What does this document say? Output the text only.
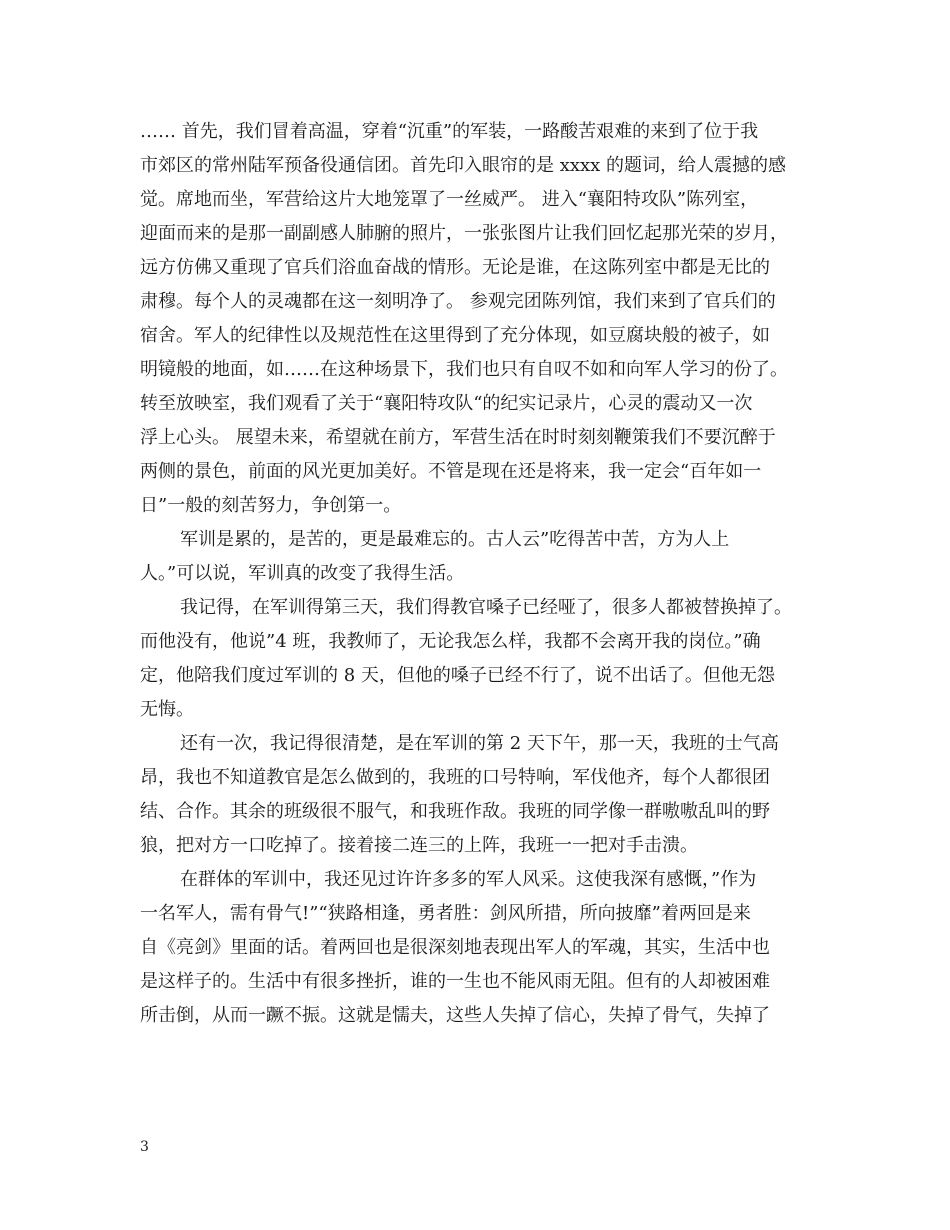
…… 首先，我们冒着高温，穿着“沉重”的军装，一路酸苦艰难的来到了位于我
市郊区的常州陆军预备役通信团。首先印入眼帘的是 xxxx 的题词，给人震撼的感
觉。席地而坐，军营给这片大地笼罩了一丝威严。 进入“襄阳特攻队”陈列室，
迎面而来的是那一副副感人肺腑的照片，一张张图片让我们回忆起那光荣的岁月，
远方仿佛又重现了官兵们浴血奋战的情形。无论是谁，在这陈列室中都是无比的
肃穆。每个人的灵魂都在这一刻明净了。 参观完团陈列馆，我们来到了官兵们的
宿舍。军人的纪律性以及规范性在这里得到了充分体现，如豆腐块般的被子，如
明镜般的地面，如……在这种场景下，我们也只有自叹不如和向军人学习的份了。
转至放映室，我们观看了关于“襄阳特攻队“的纪实记录片，心灵的震动又一次
浮上心头。 展望未来，希望就在前方，军营生活在时时刻刻鞭策我们不要沉醉于
两侧的景色，前面的风光更加美好。不管是现在还是将来，我一定会“百年如一
日”一般的刻苦努力，争创第一。
军训是累的，是苦的，更是最难忘的。古人云”吃得苦中苦，方为人上
人。”可以说，军训真的改变了我得生活。
我记得，在军训得第三天，我们得教官嗓子已经哑了，很多人都被替换掉了。
而他没有，他说”4 班，我教师了，无论我怎么样，我都不会离开我的岗位。”确
定，他陪我们度过军训的 8 天，但他的嗓子已经不行了，说不出话了。但他无怨
无悔。
还有一次，我记得很清楚，是在军训的第 2 天下午，那一天，我班的士气高
昂，我也不知道教官是怎么做到的，我班的口号特响，军伐他齐，每个人都很团
结、合作。其余的班级很不服气，和我班作敌。我班的同学像一群嗷嗷乱叫的野
狼，把对方一口吃掉了。接着接二连三的上阵，我班一一把对手击溃。
在群体的军训中，我还见过许许多多的军人风采。这使我深有感慨，”作为
一名军人，需有骨气!”“狭路相逢，勇者胜：剑风所措，所向披靡”着两回是来
自《亮剑》里面的话。着两回也是很深刻地表现出军人的军魂，其实，生活中也
是这样子的。生活中有很多挫折，谁的一生也不能风雨无阻。但有的人却被困难
所击倒，从而一蹶不振。这就是懦夫，这些人失掉了信心，失掉了骨气，失掉了
3
